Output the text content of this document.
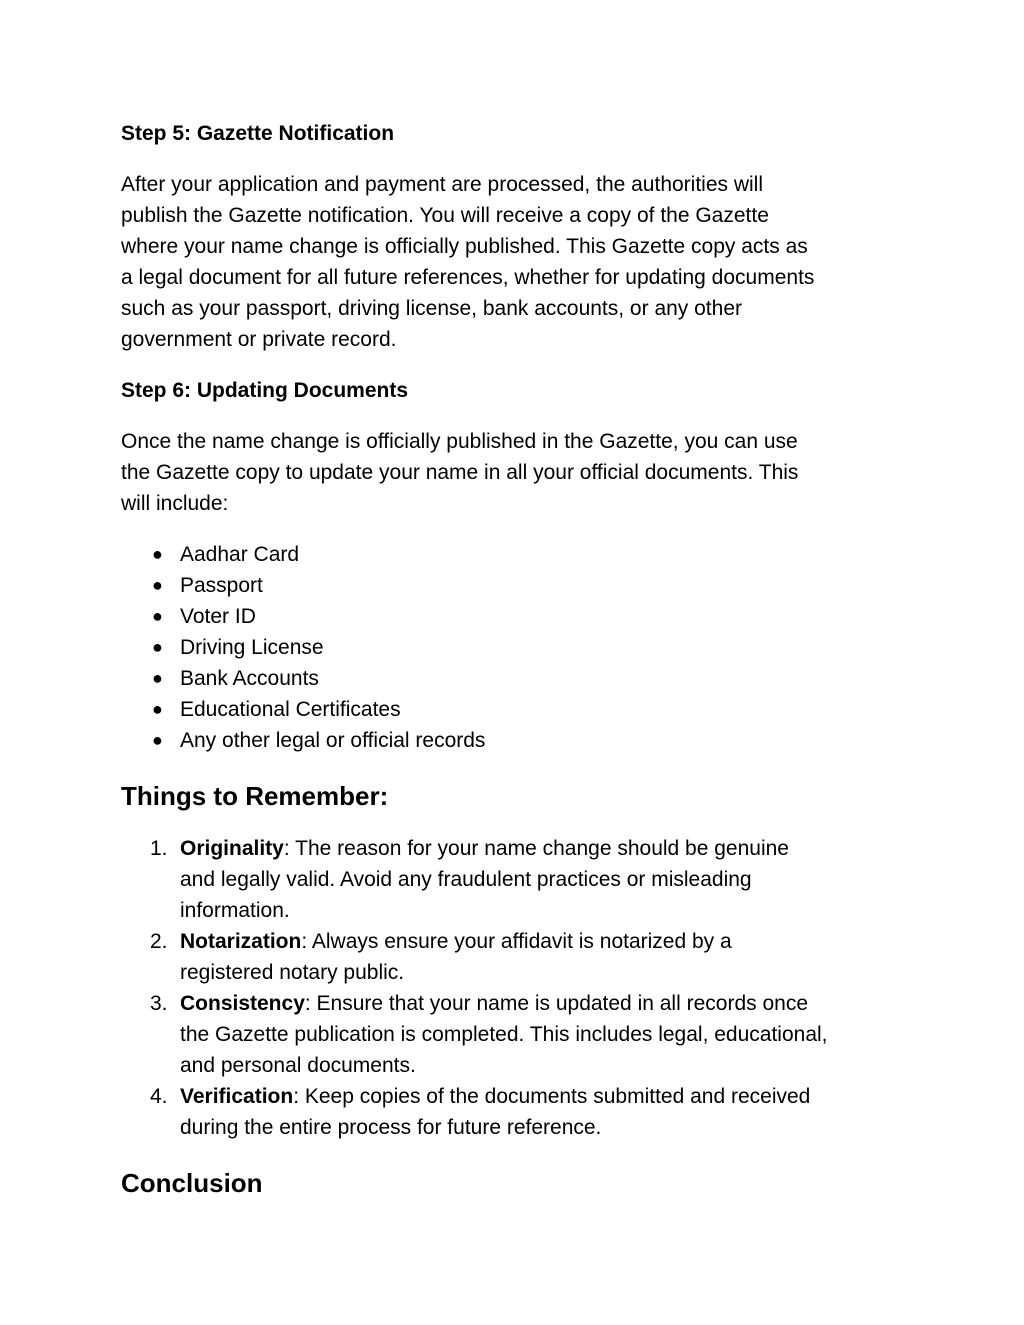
Step 5: Gazette Notification
After your application and payment are processed, the authorities will
publish the Gazette notification. You will receive a copy of the Gazette
where your name change is officially published. This Gazette copy acts as
a legal document for all future references, whether for updating documents
such as your passport, driving license, bank accounts, or any other
government or private record.
Step 6: Updating Documents
Once the name change is officially published in the Gazette, you can use
the Gazette copy to update your name in all your official documents. This
will include:
● Aadhar Card
● Passport
● Voter ID
● Driving License
● Bank Accounts
● Educational Certificates
● Any other legal or official records
Things to Remember:
1. Originality: The reason for your name change should be genuine
and legally valid. Avoid any fraudulent practices or misleading
information.
2. Notarization: Always ensure your affidavit is notarized by a
registered notary public.
3. Consistency: Ensure that your name is updated in all records once
the Gazette publication is completed. This includes legal, educational,
and personal documents.
4. Verification: Keep copies of the documents submitted and received
during the entire process for future reference.
Conclusion
